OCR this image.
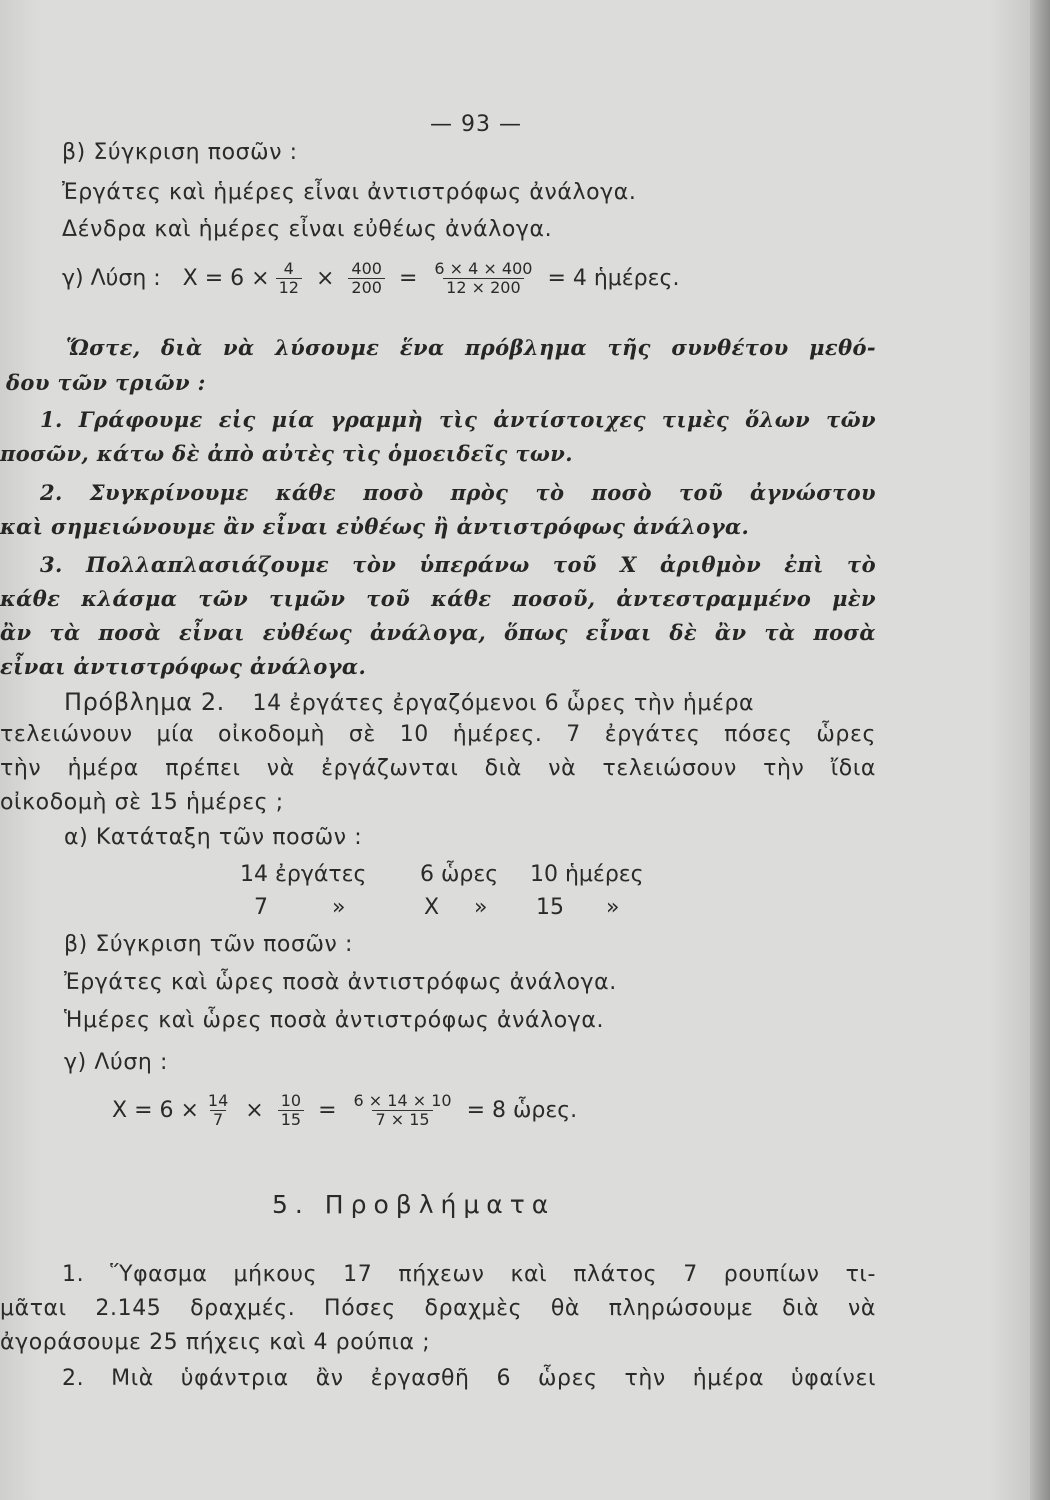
— 93 —
β) Σύγκριση ποσῶν :
Ἐργάτες καὶ ἡμέρες εἶναι ἀντιστρόφως ἀνάλογα.
Δένδρα καὶ ἡμέρες εἶναι εὐθέως ἀνάλογα.
γ) Λύση : $X = 6 \times \frac{4}{12} \times \frac{400}{200} = \frac{6 \times 4 \times 400}{12 \times 200} = 4$ ἡμέρες.
Ὥστε, διὰ νὰ λύσουμε ἕνα πρόβλημα τῆς συνθέτου μεθό-
δου τῶν τριῶν :
1. Γράφουμε εἰς μία γραμμὴ τὶς ἀντίστοιχες τιμὲς ὅλων τῶν
ποσῶν, κάτω δὲ ἀπὸ αὐτὲς τὶς ὁμοειδεῖς των.
2. Συγκρίνουμε κάθε ποσὸ πρὸς τὸ ποσὸ τοῦ ἀγνώστου
καὶ σημειώνουμε ἂν εἶναι εὐθέως ἢ ἀντιστρόφως ἀνάλογα.
3. Πολλαπλασιάζουμε τὸν ὑπεράνω τοῦ X ἀριθμὸν ἐπὶ τὸ
κάθε κλάσμα τῶν τιμῶν τοῦ κάθε ποσοῦ, ἀντεστραμμένο μὲν
ἂν τὰ ποσὰ εἶναι εὐθέως ἀνάλογα, ὅπως εἶναι δὲ ἂν τὰ ποσὰ
εἶναι ἀντιστρόφως ἀνάλογα.
Πρόβλημα 2. 14 ἐργάτες ἐργαζόμενοι 6 ὧρες τὴν ἡμέρα
τελειώνουν μία οἰκοδομὴ σὲ 10 ἡμέρες. 7 ἐργάτες πόσες ὧρες
τὴν ἡμέρα πρέπει νὰ ἐργάζωνται διὰ νὰ τελειώσουν τὴν ἴδια
οἰκοδομὴ σὲ 15 ἡμέρες ;
α) Κατάταξη τῶν ποσῶν :
14 ἐργάτες 6 ὧρες 10 ἡμέρες
7	»	X » 15 »
β) Σύγκριση τῶν ποσῶν :
Ἐργάτες καὶ ὧρες ποσὰ ἀντιστρόφως ἀνάλογα.
Ἡμέρες καὶ ὧρες ποσὰ ἀντιστρόφως ἀνάλογα.
γ) Λύση :
$X = 6 \times \frac{14}{7} \times \frac{10}{15} = \frac{6 \times 14 \times 10}{7 \times 15} = 8$ ὧρες.
5. Προβλήματα
1. Ὕφασμα μήκους 17 πήχεων καὶ πλάτος 7 ρουπίων τι-
μᾶται 2.145 δραχμές. Πόσες δραχμὲς θὰ πληρώσουμε διὰ νὰ
ἀγοράσουμε 25 πήχεις καὶ 4 ρούπια ;
2. Μιὰ ὑφάντρια ἂν ἐργασθῆ 6 ὧρες τὴν ἡμέρα ὑφαίνει
